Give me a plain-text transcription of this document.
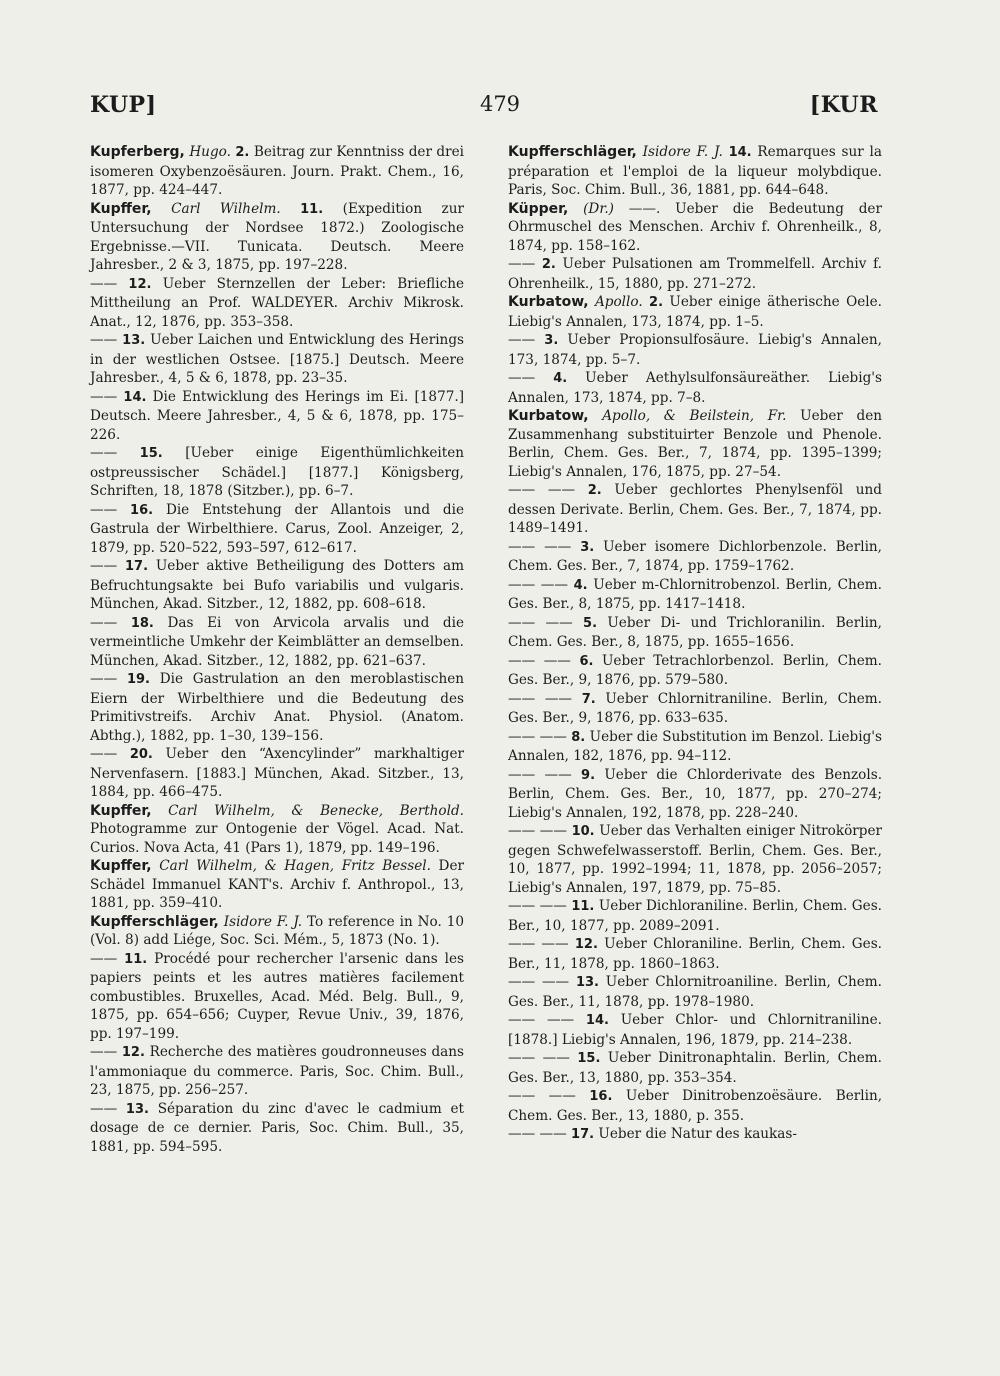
KUP]	479	[KUR
Kupferberg, Hugo. 2. Beitrag zur Kenntniss der drei isomeren Oxybenzoësäuren. Journ. Prakt. Chem., 16, 1877, pp. 424–447.
Kupffer, Carl Wilhelm. 11. (Expedition zur Untersuchung der Nordsee 1872.) Zoologische Ergebnisse.—VII. Tunicata. Deutsch. Meere Jahresber., 2 & 3, 1875, pp. 197–228.
—— 12. Ueber Sternzellen der Leber: Briefliche Mittheilung an Prof. WALDEYER. Archiv Mikrosk. Anat., 12, 1876, pp. 353–358.
—— 13. Ueber Laichen und Entwicklung des Herings in der westlichen Ostsee. [1875.] Deutsch. Meere Jahresber., 4, 5 & 6, 1878, pp. 23–35.
—— 14. Die Entwicklung des Herings im Ei. [1877.] Deutsch. Meere Jahresber., 4, 5 & 6, 1878, pp. 175–226.
—— 15. [Ueber einige Eigenthümlichkeiten ostpreussischer Schädel.] [1877.] Königsberg, Schriften, 18, 1878 (Sitzber.), pp. 6–7.
—— 16. Die Entstehung der Allantois und die Gastrula der Wirbelthiere. Carus, Zool. Anzeiger, 2, 1879, pp. 520–522, 593–597, 612–617.
—— 17. Ueber aktive Betheiligung des Dotters am Befruchtungsakte bei Bufo variabilis und vulgaris. München, Akad. Sitzber., 12, 1882, pp. 608–618.
—— 18. Das Ei von Arvicola arvalis und die vermeintliche Umkehr der Keimblätter an demselben. München, Akad. Sitzber., 12, 1882, pp. 621–637.
—— 19. Die Gastrulation an den meroblastischen Eiern der Wirbelthiere und die Bedeutung des Primitivstreifs. Archiv Anat. Physiol. (Anatom. Abthg.), 1882, pp. 1–30, 139–156.
—— 20. Ueber den “Axencylinder” markhaltiger Nervenfasern. [1883.] München, Akad. Sitzber., 13, 1884, pp. 466–475.
Kupffer, Carl Wilhelm, & Benecke, Berthold. Photogramme zur Ontogenie der Vögel. Acad. Nat. Curios. Nova Acta, 41 (Pars 1), 1879, pp. 149–196.
Kupffer, Carl Wilhelm, & Hagen, Fritz Bessel. Der Schädel Immanuel KANT's. Archiv f. Anthropol., 13, 1881, pp. 359–410.
Kupfferschläger, Isidore F. J. To reference in No. 10 (Vol. 8) add Liége, Soc. Sci. Mém., 5, 1873 (No. 1).
—— 11. Procédé pour rechercher l'arsenic dans les papiers peints et les autres matières facilement combustibles. Bruxelles, Acad. Méd. Belg. Bull., 9, 1875, pp. 654–656; Cuyper, Revue Univ., 39, 1876, pp. 197–199.
—— 12. Recherche des matières goudronneuses dans l'ammoniaque du commerce. Paris, Soc. Chim. Bull., 23, 1875, pp. 256–257.
—— 13. Séparation du zinc d'avec le cadmium et dosage de ce dernier. Paris, Soc. Chim. Bull., 35, 1881, pp. 594–595.
Kupfferschläger, Isidore F. J. 14. Remarques sur la préparation et l'emploi de la liqueur molybdique. Paris, Soc. Chim. Bull., 36, 1881, pp. 644–648.
Küpper, (Dr.) ——. Ueber die Bedeutung der Ohrmuschel des Menschen. Archiv f. Ohrenheilk., 8, 1874, pp. 158–162.
—— 2. Ueber Pulsationen am Trommelfell. Archiv f. Ohrenheilk., 15, 1880, pp. 271–272.
Kurbatow, Apollo. 2. Ueber einige ätherische Oele. Liebig's Annalen, 173, 1874, pp. 1–5.
—— 3. Ueber Propionsulfosäure. Liebig's Annalen, 173, 1874, pp. 5–7.
—— 4. Ueber Aethylsulfonsäureäther. Liebig's Annalen, 173, 1874, pp. 7–8.
Kurbatow, Apollo, & Beilstein, Fr. Ueber den Zusammenhang substituirter Benzole und Phenole. Berlin, Chem. Ges. Ber., 7, 1874, pp. 1395–1399; Liebig's Annalen, 176, 1875, pp. 27–54.
—— —— 2. Ueber gechlortes Phenylsenföl und dessen Derivate. Berlin, Chem. Ges. Ber., 7, 1874, pp. 1489–1491.
—— —— 3. Ueber isomere Dichlorbenzole. Berlin, Chem. Ges. Ber., 7, 1874, pp. 1759–1762.
—— —— 4. Ueber m-Chlornitrobenzol. Berlin, Chem. Ges. Ber., 8, 1875, pp. 1417–1418.
—— —— 5. Ueber Di- und Trichloranilin. Berlin, Chem. Ges. Ber., 8, 1875, pp. 1655–1656.
—— —— 6. Ueber Tetrachlorbenzol. Berlin, Chem. Ges. Ber., 9, 1876, pp. 579–580.
—— —— 7. Ueber Chlornitraniline. Berlin, Chem. Ges. Ber., 9, 1876, pp. 633–635.
—— —— 8. Ueber die Substitution im Benzol. Liebig's Annalen, 182, 1876, pp. 94–112.
—— —— 9. Ueber die Chlorderivate des Benzols. Berlin, Chem. Ges. Ber., 10, 1877, pp. 270–274; Liebig's Annalen, 192, 1878, pp. 228–240.
—— —— 10. Ueber das Verhalten einiger Nitrokörper gegen Schwefelwasserstoff. Berlin, Chem. Ges. Ber., 10, 1877, pp. 1992–1994; 11, 1878, pp. 2056–2057; Liebig's Annalen, 197, 1879, pp. 75–85.
—— —— 11. Ueber Dichloraniline. Berlin, Chem. Ges. Ber., 10, 1877, pp. 2089–2091.
—— —— 12. Ueber Chloraniline. Berlin, Chem. Ges. Ber., 11, 1878, pp. 1860–1863.
—— —— 13. Ueber Chlornitroaniline. Berlin, Chem. Ges. Ber., 11, 1878, pp. 1978–1980.
—— —— 14. Ueber Chlor- und Chlornitraniline. [1878.] Liebig's Annalen, 196, 1879, pp. 214–238.
—— —— 15. Ueber Dinitronaphtalin. Berlin, Chem. Ges. Ber., 13, 1880, pp. 353–354.
—— —— 16. Ueber Dinitrobenzoësäure. Berlin, Chem. Ges. Ber., 13, 1880, p. 355.
—— —— 17. Ueber die Natur des kaukas-
